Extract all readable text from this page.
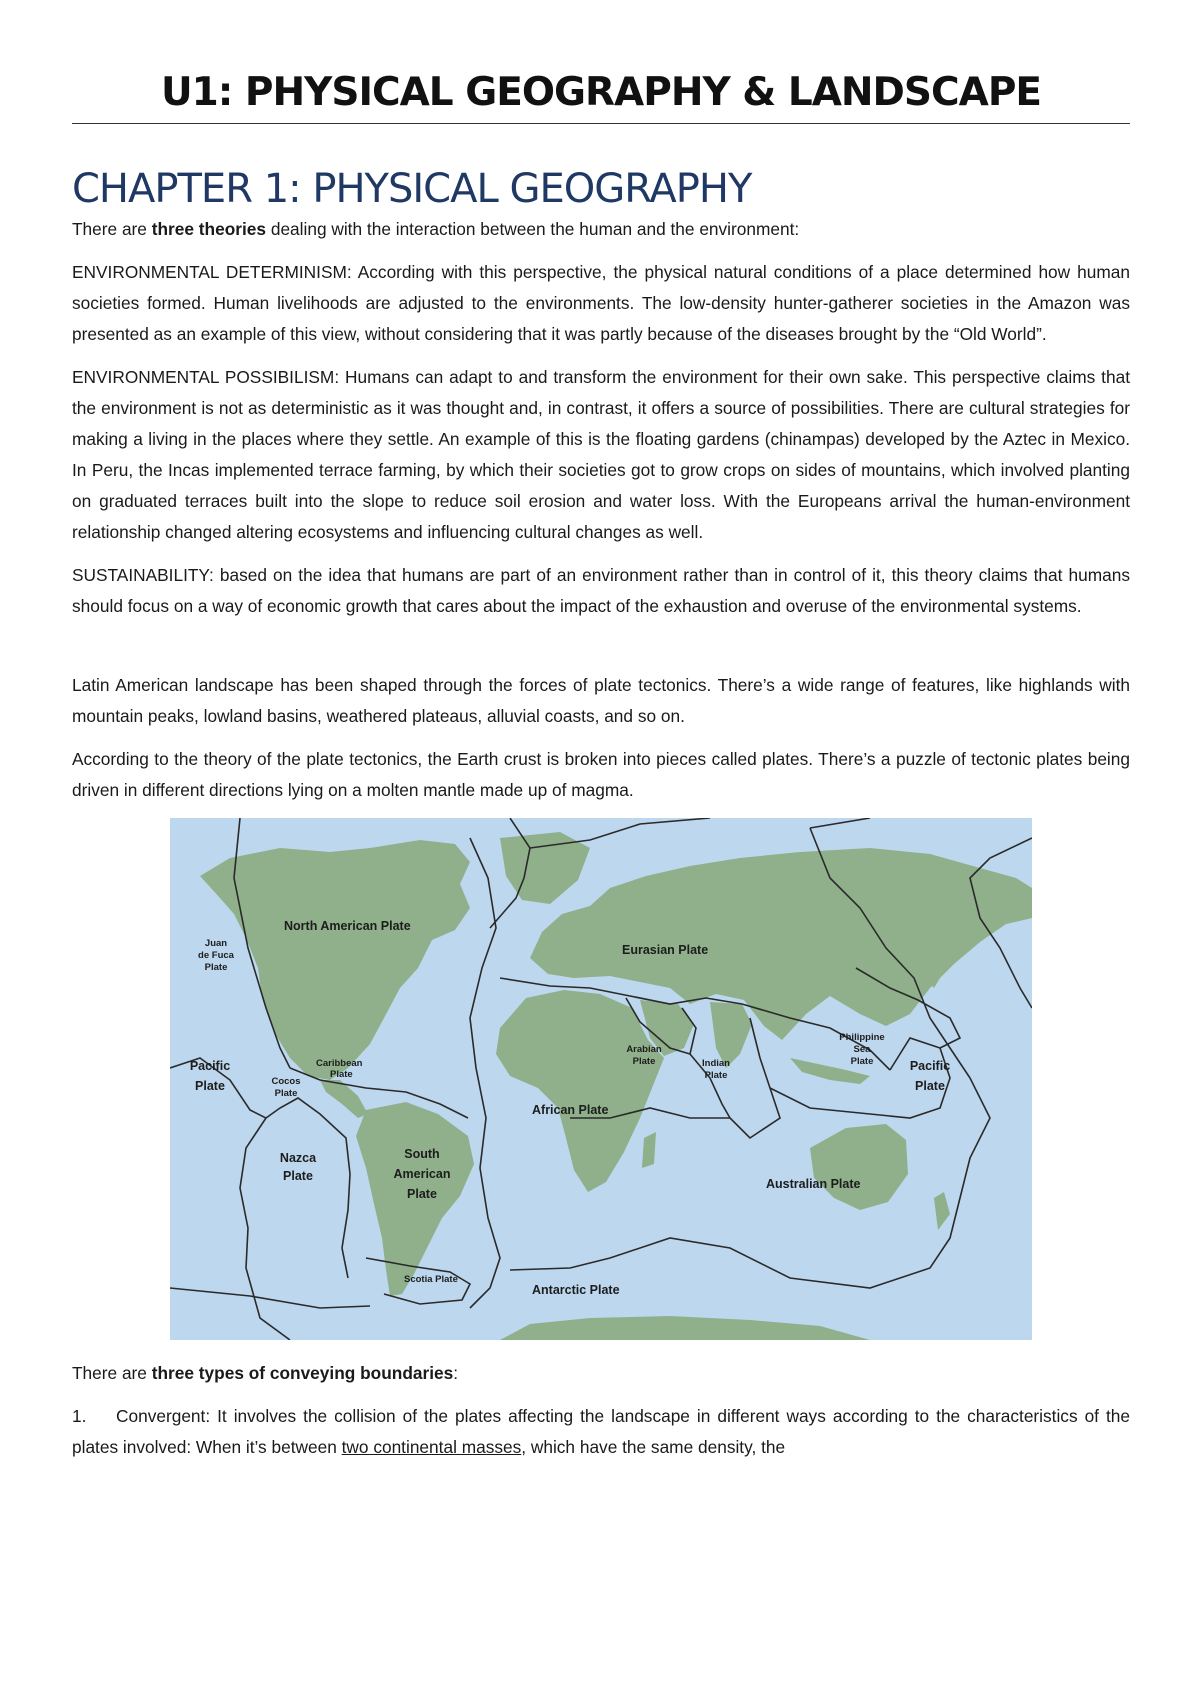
U1: PHYSICAL GEOGRAPHY & LANDSCAPE
CHAPTER 1: PHYSICAL GEOGRAPHY

There are three theories dealing with the interaction between the human and the environment:

ENVIRONMENTAL DETERMINISM: According with this perspective, the physical natural conditions of a place determined how human societies formed. Human livelihoods are adjusted to the environments. The low-density hunter-gatherer societies in the Amazon was presented as an example of this view, without considering that it was partly because of the diseases brought by the “Old World”.

ENVIRONMENTAL POSSIBILISM: Humans can adapt to and transform the environment for their own sake. This perspective claims that the environment is not as deterministic as it was thought and, in contrast, it offers a source of possibilities. There are cultural strategies for making a living in the places where they settle. An example of this is the floating gardens (chinampas) developed by the Aztec in Mexico. In Peru, the Incas implemented terrace farming, by which their societies got to grow crops on sides of mountains, which involved planting on graduated terraces built into the slope to reduce soil erosion and water loss. With the Europeans arrival the human-environment relationship changed altering ecosystems and influencing cultural changes as well.

SUSTAINABILITY: based on the idea that humans are part of an environment rather than in control of it, this theory claims that humans should focus on a way of economic growth that cares about the impact of the exhaustion and overuse of the environmental systems.

Latin American landscape has been shaped through the forces of plate tectonics. There’s a wide range of features, like highlands with mountain peaks, lowland basins, weathered plateaus, alluvial coasts, and so on.

According to the theory of the plate tectonics, the Earth crust is broken into pieces called plates. There’s a puzzle of tectonic plates being driven in different directions lying on a molten mantle made up of magma.

North American Plate
Juan
de Fuca
Plate
Eurasian Plate
Pacific
Plate
Caribbean
Plate
Cocos
Plate
Arabian
Plate	Indian
Plate
Philippine
Sea
Plate	Pacific
Plate
African Plate
Nazca
Plate
South
American
Plate
Australian Plate
Scotia Plate
Antarctic Plate

There are three types of conveying boundaries:

1. Convergent: It involves the collision of the plates affecting the landscape in different ways according to the characteristics of the plates involved: When it’s between two continental masses, which have the same density, the
